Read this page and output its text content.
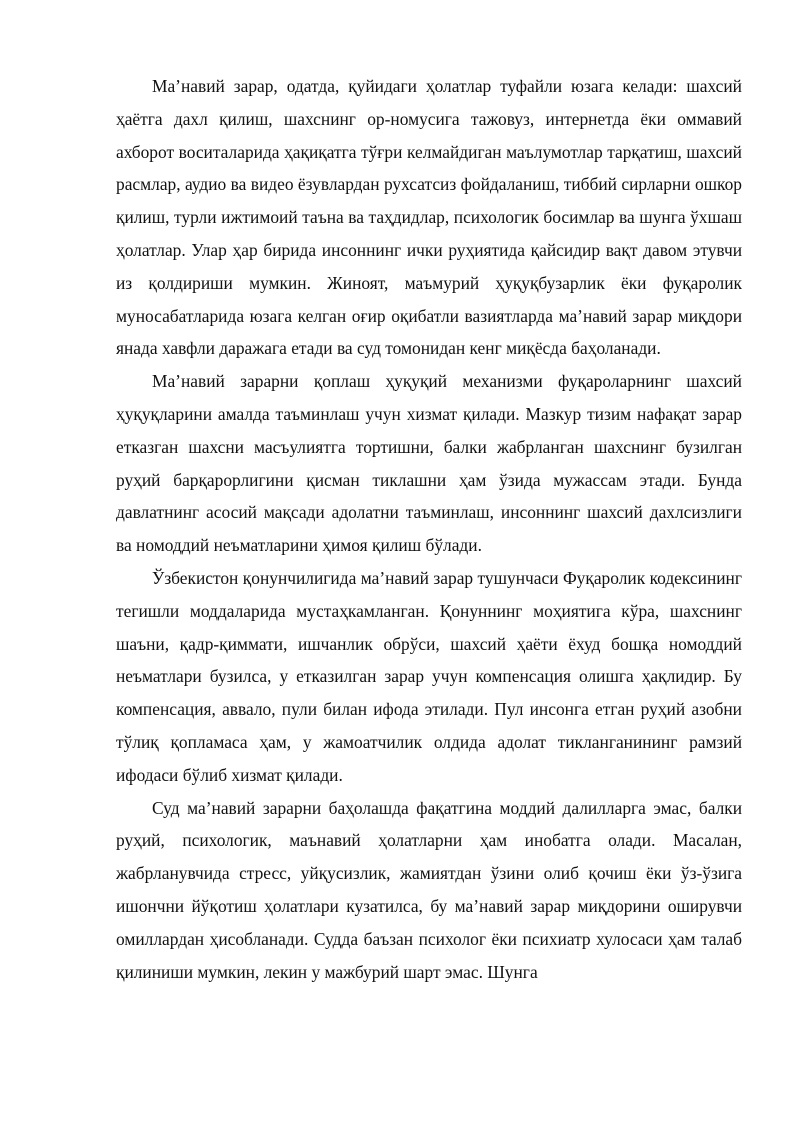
Маʼнавий зарар, одатда, қуйидаги ҳолатлар туфайли юзага келади: шахсий ҳаётга дахл қилиш, шахснинг ор-номусига тажовуз, интернетда ёки оммавий ахборот воситаларида ҳақиқатга тўғри келмайдиган маълумотлар тарқатиш, шахсий расмлар, аудио ва видео ёзувлардан рухсатсиз фойдаланиш, тиббий сирларни ошкор қилиш, турли ижтимоий таъна ва таҳдидлар, психологик босимлар ва шунга ўхшаш ҳолатлар. Улар ҳар бирида инсоннинг ички руҳиятида қайсидир вақт давом этувчи из қолдириши мумкин. Жиноят, маъмурий ҳуқуқбузарлик ёки фуқаролик муносабатларида юзага келган оғир оқибатли вазиятларда маʼнавий зарар миқдори янада хавфли даражага етади ва суд томонидан кенг миқёсда баҳоланади.

Маʼнавий зарарни қоплаш ҳуқуқий механизми фуқароларнинг шахсий ҳуқуқларини амалда таъминлаш учун хизмат қилади. Мазкур тизим нафақат зарар етказган шахсни масъулиятга тортишни, балки жабрланган шахснинг бузилган руҳий барқарорлигини қисман тиклашни ҳам ўзида мужассам этади. Бунда давлатнинг асосий мақсади адолатни таъминлаш, инсоннинг шахсий дахлсизлиги ва номоддий неъматларини ҳимоя қилиш бўлади.

Ўзбекистон қонунчилигида маʼнавий зарар тушунчаси Фуқаролик кодексининг тегишли моддаларида мустаҳкамланган. Қонуннинг моҳиятига кўра, шахснинг шаъни, қадр-қиммати, ишчанлик обрўси, шахсий ҳаёти ёхуд бошқа номоддий неъматлари бузилса, у етказилган зарар учун компенсация олишга ҳақлидир. Бу компенсация, аввало, пули билан ифода этилади. Пул инсонга етган руҳий азобни тўлиқ қопламаса ҳам, у жамоатчилик олдида адолат тикланганининг рамзий ифодаси бўлиб хизмат қилади.

Суд маʼнавий зарарни баҳолашда фақатгина моддий далилларга эмас, балки руҳий, психологик, маънавий ҳолатларни ҳам инобатга олади. Масалан, жабрланувчида стресс, уйқусизлик, жамиятдан ўзини олиб қочиш ёки ўз-ўзига ишончни йўқотиш ҳолатлари кузатилса, бу маʼнавий зарар миқдорини оширувчи омиллардан ҳисобланади. Судда баъзан психолог ёки психиатр хулосаси ҳам талаб қилиниши мумкин, лекин у мажбурий шарт эмас. Шунга
